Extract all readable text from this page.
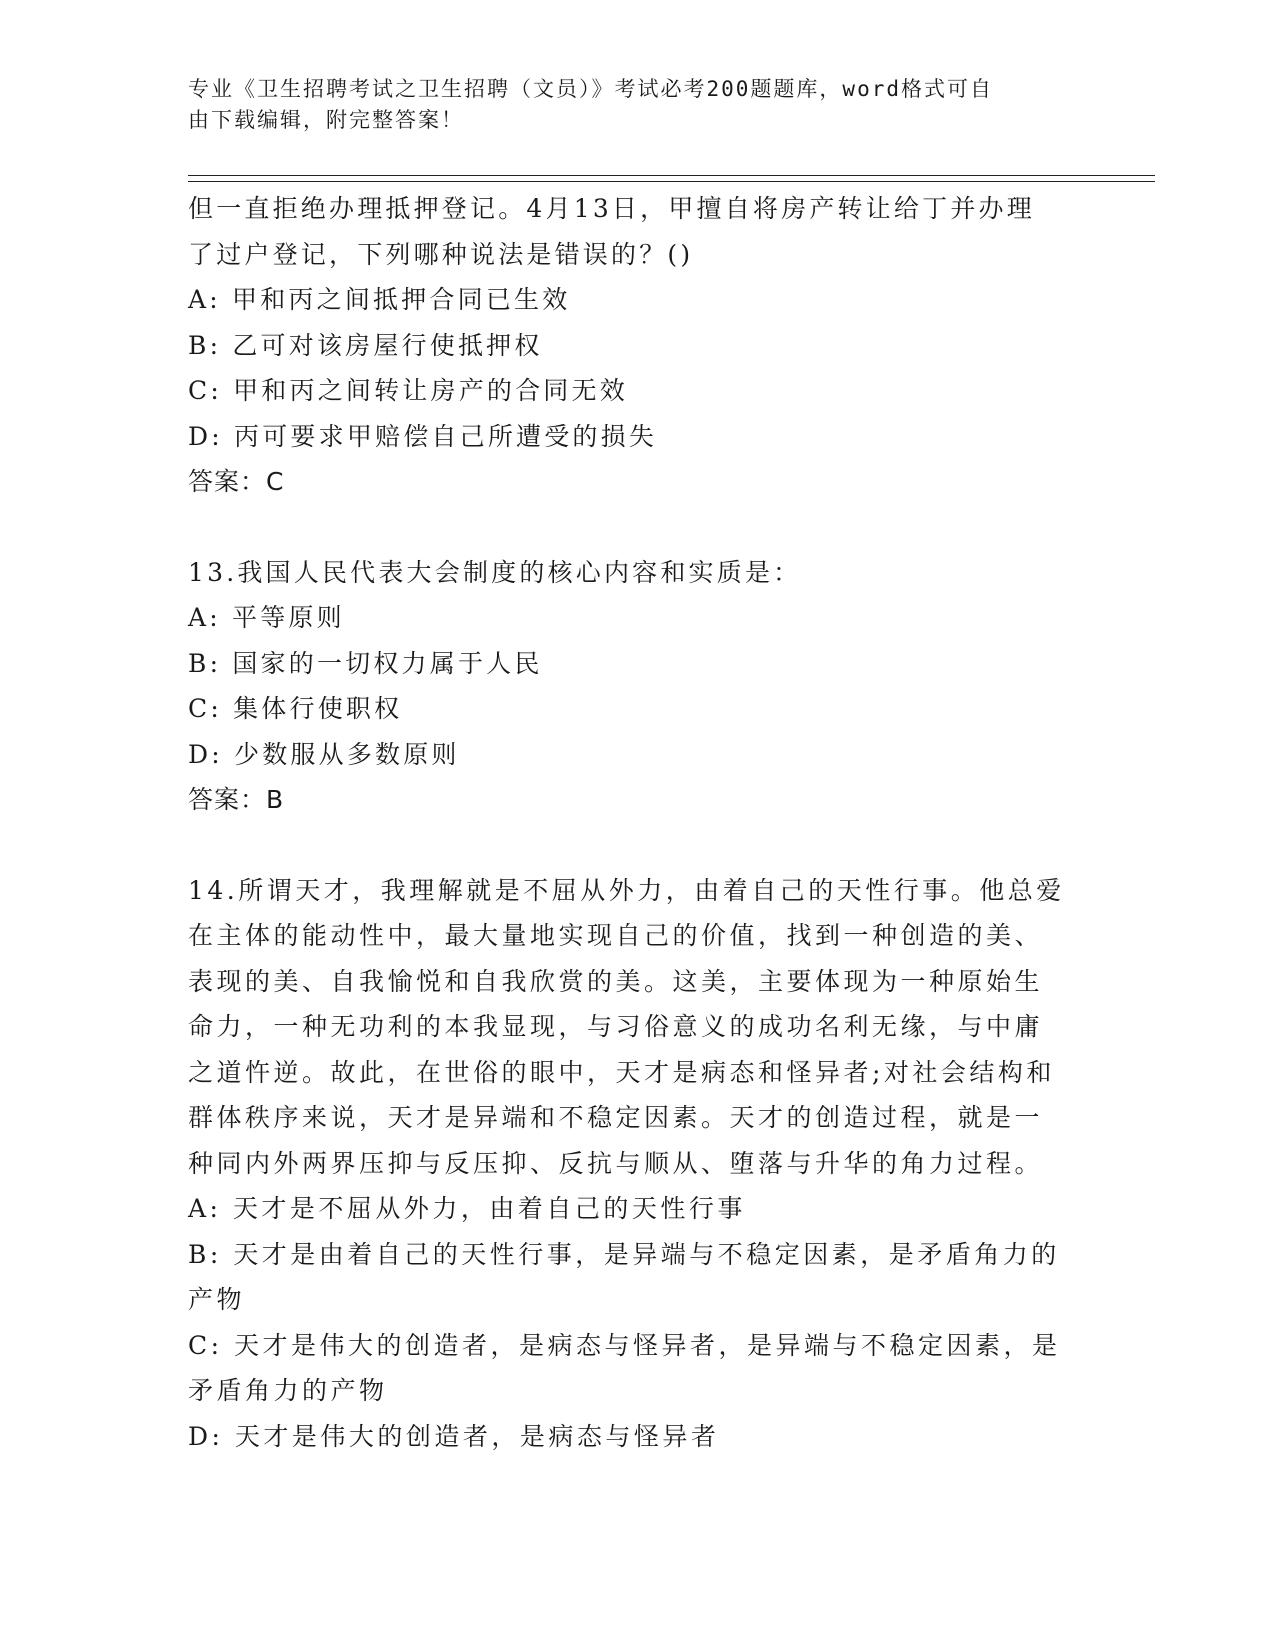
专业《卫生招聘考试之卫生招聘（文员）》考试必考200题题库，word格式可自
由下载编辑，附完整答案！
但一直拒绝办理抵押登记。4月13日，甲擅自将房产转让给丁并办理
了过户登记，下列哪种说法是错误的？()
A: 甲和丙之间抵押合同已生效
B: 乙可对该房屋行使抵押权
C: 甲和丙之间转让房产的合同无效
D: 丙可要求甲赔偿自己所遭受的损失
答案：C
13.我国人民代表大会制度的核心内容和实质是：
A: 平等原则
B: 国家的一切权力属于人民
C: 集体行使职权
D: 少数服从多数原则
答案：B
14.所谓天才，我理解就是不屈从外力，由着自己的天性行事。他总爱
在主体的能动性中，最大量地实现自己的价值，找到一种创造的美、
表现的美、自我愉悦和自我欣赏的美。这美，主要体现为一种原始生
命力，一种无功利的本我显现，与习俗意义的成功名利无缘，与中庸
之道忤逆。故此，在世俗的眼中，天才是病态和怪异者;对社会结构和
群体秩序来说，天才是异端和不稳定因素。天才的创造过程，就是一
种同内外两界压抑与反压抑、反抗与顺从、堕落与升华的角力过程。
A: 天才是不屈从外力，由着自己的天性行事
B: 天才是由着自己的天性行事，是异端与不稳定因素，是矛盾角力的
产物
C: 天才是伟大的创造者，是病态与怪异者，是异端与不稳定因素，是
矛盾角力的产物
D: 天才是伟大的创造者，是病态与怪异者
